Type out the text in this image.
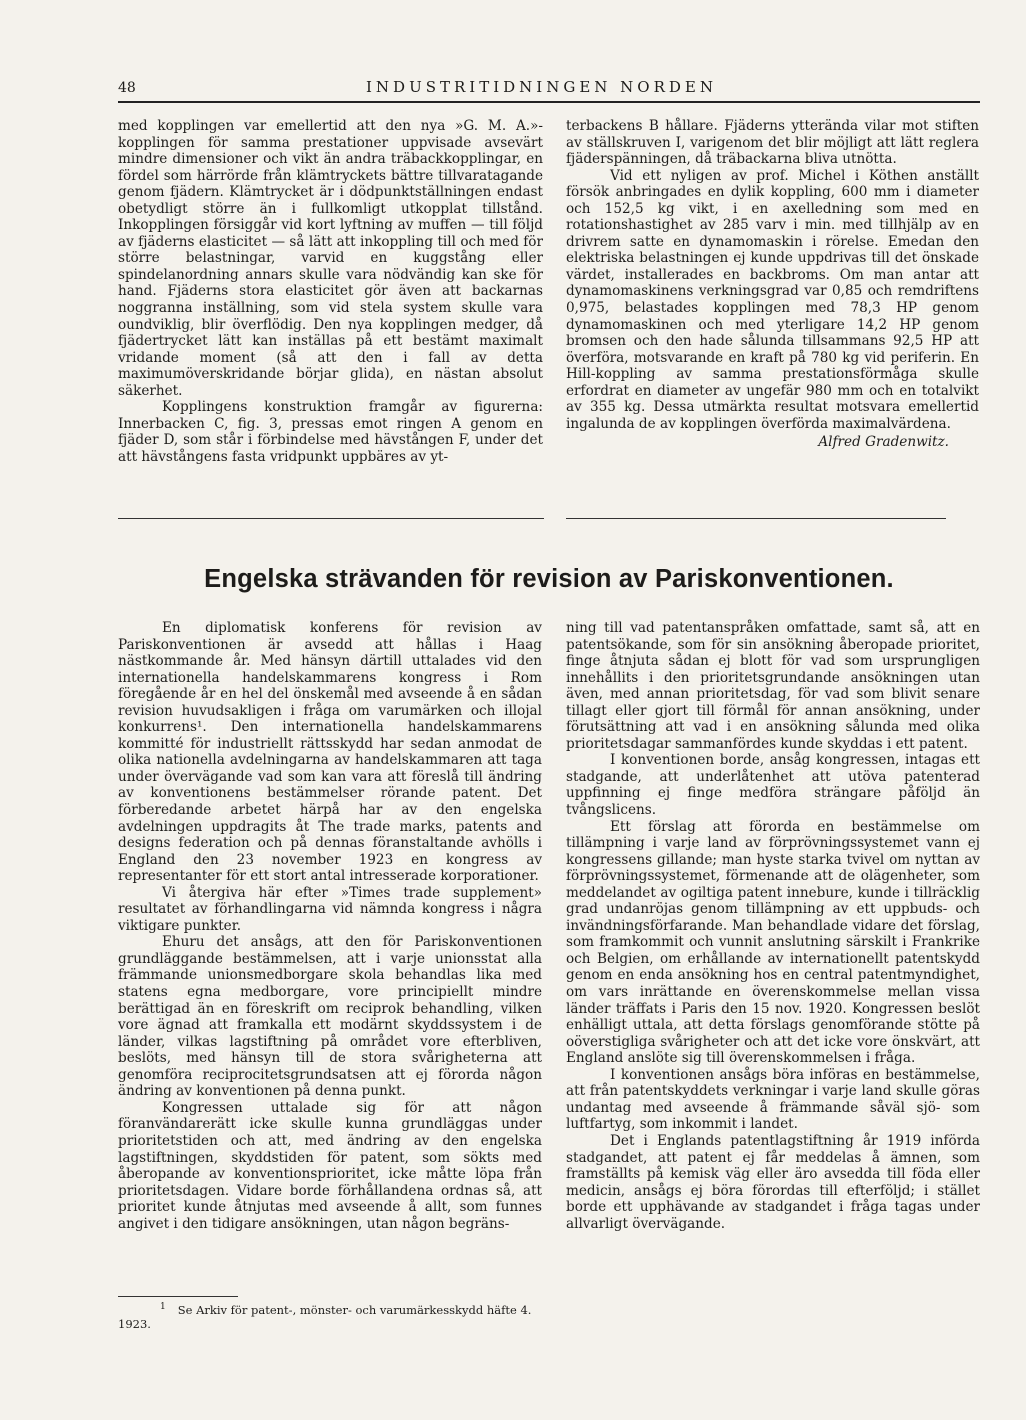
48	INDUSTRITIDNINGEN NORDEN

med kopplingen var emellertid att den nya »G. M. A.»-kopplingen för samma prestationer uppvisade avsevärt mindre dimensioner och vikt än andra träbackkopplingar, en fördel som härrörde från klämtryckets bättre tillvaratagande genom fjädern. Klämtrycket är i dödpunktställningen endast obetydligt större än i fullkomligt utkopplat tillstånd. Inkopplingen försiggår vid kort lyftning av muffen — till följd av fjäderns elasticitet — så lätt att inkoppling till och med för större belastningar, varvid en kuggstång eller spindelanordning annars skulle vara nödvändig kan ske för hand. Fjäderns stora elasticitet gör även att backarnas noggranna inställning, som vid stela system skulle vara oundviklig, blir överflödig. Den nya kopplingen medger, då fjädertrycket lätt kan inställas på ett bestämt maximalt vridande moment (så att den i fall av detta maximumöverskridande börjar glida), en nästan absolut säkerhet.

Kopplingens konstruktion framgår av figurerna: Innerbacken C, fig. 3, pressas emot ringen A genom en fjäder D, som står i förbindelse med hävstången F, under det att hävstångens fasta vridpunkt uppbäres av yt-

terbackens B hållare. Fjäderns ytterända vilar mot stiften av ställskruven I, varigenom det blir möjligt att lätt reglera fjäderspänningen, då träbackarna bliva utnötta.

Vid ett nyligen av prof. Michel i Köthen anställt försök anbringades en dylik koppling, 600 mm i diameter och 152,5 kg vikt, i en axelledning som med en rotationshastighet av 285 varv i min. med tillhjälp av en drivrem satte en dynamomaskin i rörelse. Emedan den elektriska belastningen ej kunde uppdrivas till det önskade värdet, installerades en backbroms. Om man antar att dynamomaskinens verkningsgrad var 0,85 och remdriftens 0,975, belastades kopplingen med 78,3 HP genom dynamomaskinen och med yterligare 14,2 HP genom bromsen och den hade sålunda tillsammans 92,5 HP att överföra, motsvarande en kraft på 780 kg vid periferin. En Hill-koppling av samma prestationsförmåga skulle erfordrat en diameter av ungefär 980 mm och en totalvikt av 355 kg. Dessa utmärkta resultat motsvara emellertid ingalunda de av kopplingen överförda maximalvärdena.

Alfred Gradenwitz.
Engelska strävanden för revision av Pariskonventionen.

En diplomatisk konferens för revision av Pariskonventionen är avsedd att hållas i Haag nästkommande år. Med hänsyn därtill uttalades vid den internationella handelskammarens kongress i Rom föregående år en hel del önskemål med avseende å en sådan revision huvudsakligen i fråga om varumärken och illojal konkurrens¹. Den internationella handelskammarens kommitté för industriellt rättsskydd har sedan anmodat de olika nationella avdelningarna av handelskammaren att taga under övervägande vad som kan vara att föreslå till ändring av konventionens bestämmelser rörande patent. Det förberedande arbetet härpå har av den engelska avdelningen uppdragits åt The trade marks, patents and designs federation och på dennas föranstaltande avhölls i England den 23 november 1923 en kongress av representanter för ett stort antal intresserade korporationer.

Vi återgiva här efter »Times trade supplement» resultatet av förhandlingarna vid nämnda kongress i några viktigare punkter.

Ehuru det ansågs, att den för Pariskonventionen grundläggande bestämmelsen, att i varje unionsstat alla främmande unionsmedborgare skola behandlas lika med statens egna medborgare, vore principiellt mindre berättigad än en föreskrift om reciprok behandling, vilken vore ägnad att framkalla ett modärnt skyddssystem i de länder, vilkas lagstiftning på området vore efterbliven, beslöts, med hänsyn till de stora svårigheterna att genomföra reciprocitetsgrundsatsen att ej förorda någon ändring av konventionen på denna punkt.

Kongressen uttalade sig för att någon föranvändarerätt icke skulle kunna grundläggas under prioritetstiden och att, med ändring av den engelska lagstiftningen, skyddstiden för patent, som sökts med åberopande av konventionsprioritet, icke måtte löpa från prioritetsdagen. Vidare borde förhållandena ordnas så, att prioritet kunde åtnjutas med avseende å allt, som funnes angivet i den tidigare ansökningen, utan någon begräns-

ning till vad patentanspråken omfattade, samt så, att en patentsökande, som för sin ansökning åberopade prioritet, finge åtnjuta sådan ej blott för vad som ursprungligen innehållits i den prioritetsgrundande ansökningen utan även, med annan prioritetsdag, för vad som blivit senare tillagt eller gjort till förmål för annan ansökning, under förutsättning att vad i en ansökning sålunda med olika prioritetsdagar sammanfördes kunde skyddas i ett patent.

I konventionen borde, ansåg kongressen, intagas ett stadgande, att underlåtenhet att utöva patenterad uppfinning ej finge medföra strängare påföljd än tvångslicens.

Ett förslag att förorda en bestämmelse om tillämpning i varje land av förprövningssystemet vann ej kongressens gillande; man hyste starka tvivel om nyttan av förprövningssystemet, förmenande att de olägenheter, som meddelandet av ogiltiga patent innebure, kunde i tillräcklig grad undanröjas genom tillämpning av ett uppbuds- och invändningsförfarande. Man behandlade vidare det förslag, som framkommit och vunnit anslutning särskilt i Frankrike och Belgien, om erhållande av internationellt patentskydd genom en enda ansökning hos en central patentmyndighet, om vars inrättande en överenskommelse mellan vissa länder träffats i Paris den 15 nov. 1920. Kongressen beslöt enhälligt uttala, att detta förslags genomförande stötte på oöverstigliga svårigheter och att det icke vore önskvärt, att England anslöte sig till överenskommelsen i fråga.

I konventionen ansågs böra införas en bestämmelse, att från patentskyddets verkningar i varje land skulle göras undantag med avseende å främmande såväl sjö- som luftfartyg, som inkommit i landet.

Det i Englands patentlagstiftning år 1919 införda stadgandet, att patent ej får meddelas å ämnen, som framställts på kemisk väg eller äro avsedda till föda eller medicin, ansågs ej böra förordas till efterföljd; i stället borde ett upphävande av stadgandet i fråga tagas under allvarligt övervägande.

$^1$ Se Arkiv för patent-, mönster- och varumärkesskydd häfte 4. 1923.
